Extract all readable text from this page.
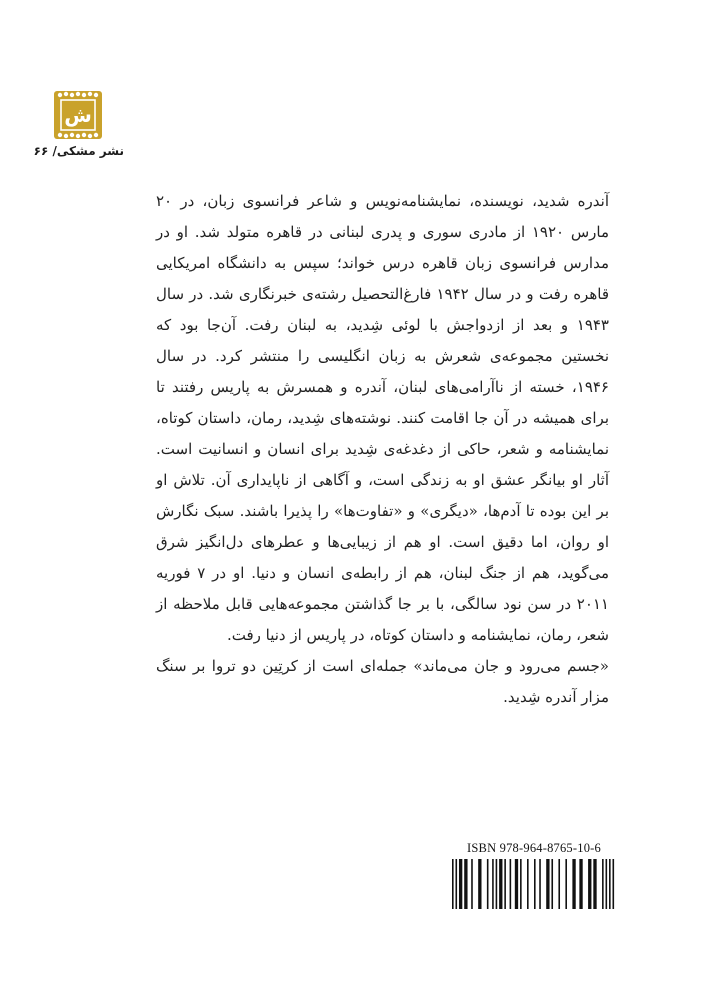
ش
نشر مشکی/ ۶۶

آندره شدید، نویسنده، نمایشنامه‌نویس و شاعر فرانسوی زبان، در ۲۰ مارس ۱۹۲۰ از مادری سوری و پدری لبنانی در قاهره متولد شد. او در مدارس فرانسوی زبان قاهره درس خواند؛ سپس به دانشگاه امریکایی قاهره رفت و در سال ۱۹۴۲ فارغ‌التحصیل رشته‌ی خبرنگاری شد. در سال ۱۹۴۳ و بعد از ازدواجش با لوئی شِدید، به لبنان رفت. آن‌جا بود که نخستین مجموعه‌ی شعرش به زبان انگلیسی را منتشر کرد. در سال ۱۹۴۶، خسته از ناآرامی‌های لبنان، آندره و همسرش به پاریس رفتند تا برای همیشه در آن جا اقامت کنند. نوشته‌های شِدید، رمان، داستان کوتاه، نمایشنامه و شعر، حاکی از دغدغه‌ی شِدید برای انسان و انسانیت است. آثار او بیانگر عشق او به زندگی است، و آگاهی از ناپایداری آن. تلاش او بر این بوده تا آدم‌ها، «دیگری» و «تفاوت‌ها» را پذیرا باشند. سبک نگارش او روان، اما دقیق است. او هم از زیبایی‌ها و عطرهای دل‌انگیز شرق می‌گوید، هم از جنگ لبنان، هم از رابطه‌ی انسان و دنیا. او در ۷ فوریه ۲۰۱۱ در سن نود سالگی، با بر جا گذاشتن مجموعه‌هایی قابل ملاحظه از شعر، رمان، نمایشنامه و داستان کوتاه، در پاریس از دنیا رفت.

«جسم می‌رود و جان می‌ماند» جمله‌ای است از کرتِین دو تروا بر سنگ مزار آندره شِدید.

ISBN 978-964-8765-10-6
